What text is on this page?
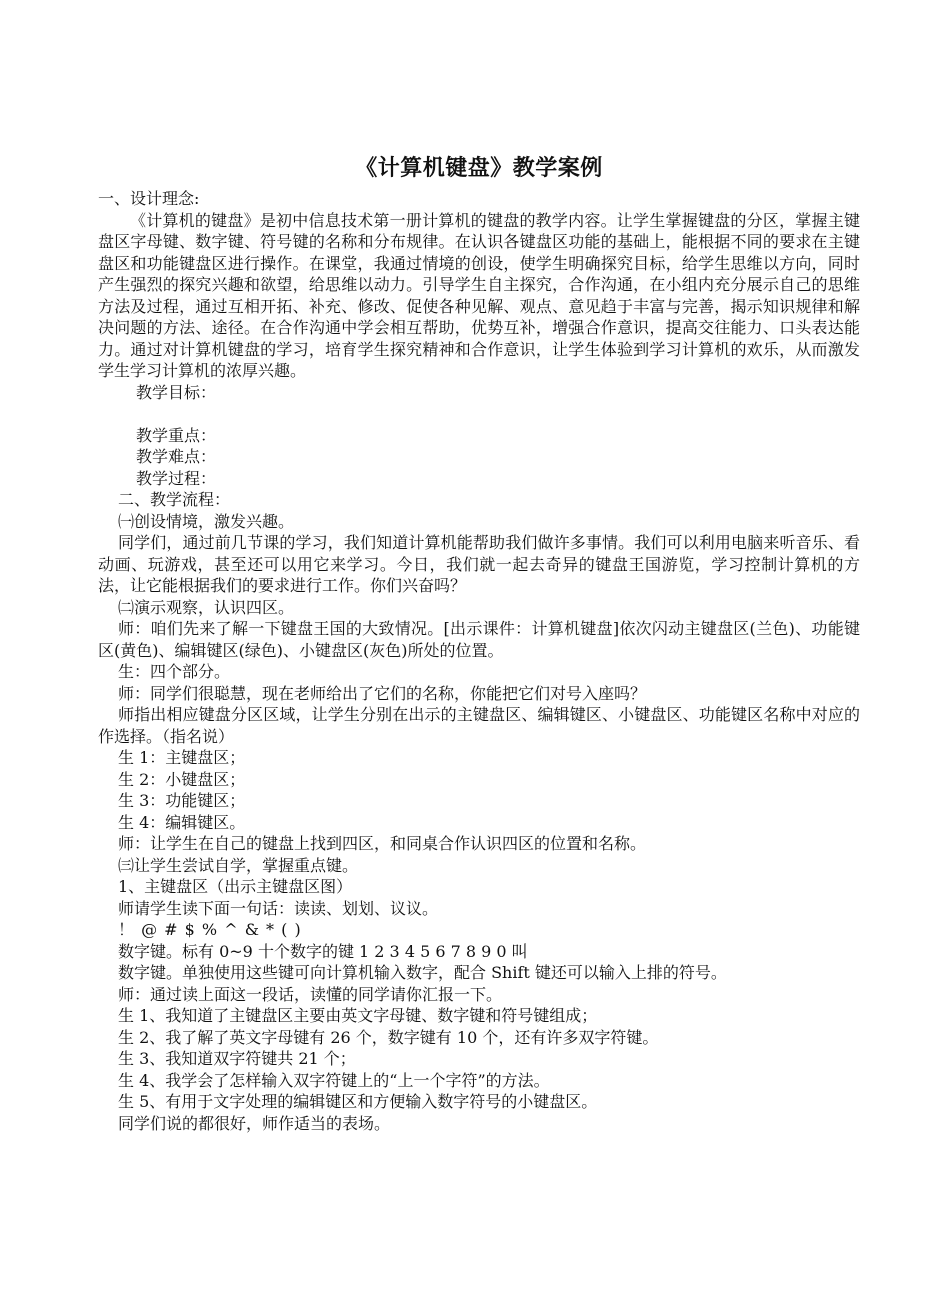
《计算机键盘》教学案例
一、设计理念:
《计算机的键盘》是初中信息技术第一册计算机的键盘的教学内容。让学生掌握键盘的分区，掌握主键盘区字母键、数字键、符号键的名称和分布规律。在认识各键盘区功能的基础上，能根据不同的要求在主键盘区和功能键盘区进行操作。在课堂，我通过情境的创设，使学生明确探究目标，给学生思维以方向，同时产生强烈的探究兴趣和欲望，给思维以动力。引导学生自主探究，合作沟通，在小组内充分展示自己的思维方法及过程，通过互相开拓、补充、修改、促使各种见解、观点、意见趋于丰富与完善，揭示知识规律和解决问题的方法、途径。在合作沟通中学会相互帮助，优势互补，增强合作意识，提高交往能力、口头表达能力。通过对计算机键盘的学习，培育学生探究精神和合作意识，让学生体验到学习计算机的欢乐，从而激发学生学习计算机的浓厚兴趣。
教学目标：
教学重点：
教学难点：
教学过程：
二、教学流程：
㈠创设情境，激发兴趣。
同学们，通过前几节课的学习，我们知道计算机能帮助我们做许多事情。我们可以利用电脑来听音乐、看动画、玩游戏，甚至还可以用它来学习。今日，我们就一起去奇异的键盘王国游览，学习控制计算机的方法，让它能根据我们的要求进行工作。你们兴奋吗？
㈡演示观察，认识四区。
师：咱们先来了解一下键盘王国的大致情况。[出示课件：计算机键盘]依次闪动主键盘区(兰色)、功能键区(黄色)、编辑键区(绿色)、小键盘区(灰色)所处的位置。
生：四个部分。
师：同学们很聪慧，现在老师给出了它们的名称，你能把它们对号入座吗？
师指出相应键盘分区区域，让学生分别在出示的主键盘区、编辑键区、小键盘区、功能键区名称中对应的作选择。（指名说）
生 1：主键盘区；
生 2：小键盘区；
生 3：功能键区；
生 4：编辑键区。
师：让学生在自己的键盘上找到四区，和同桌合作认识四区的位置和名称。
㈢让学生尝试自学，掌握重点键。
1、主键盘区（出示主键盘区图）
师请学生读下面一句话：读读、划划、议议。
！ @ # $ % ^ & * ( )
数字键。标有 0~9 十个数字的键 1 2 3 4 5 6 7 8 9 0 叫
数字键。单独使用这些键可向计算机输入数字，配合 Shift 键还可以输入上排的符号。
师：通过读上面这一段话，读懂的同学请你汇报一下。
生 1、我知道了主键盘区主要由英文字母键、数字键和符号键组成；
生 2、我了解了英文字母键有 26 个，数字键有 10 个，还有许多双字符键。
生 3、我知道双字符键共 21 个；
生 4、我学会了怎样输入双字符键上的“上一个字符”的方法。
生 5、有用于文字处理的编辑键区和方便输入数字符号的小键盘区。
同学们说的都很好，师作适当的表场。
